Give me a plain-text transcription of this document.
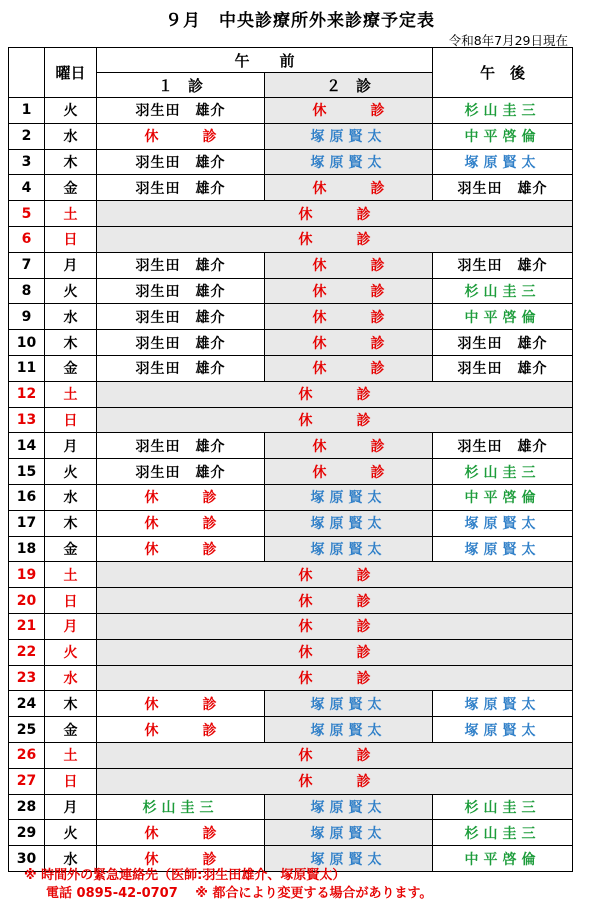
９月　中央診療所外来診療予定表
令和8年7月29日現在
	曜日	午　　前		午　後
		１　診	２　診	
1	火	羽生田　雄介	休 診	杉山圭三
2	水	休 診	塚原賢太	中平啓倫
3	木	羽生田　雄介	塚原賢太	塚原賢太
4	金	羽生田　雄介	休 診	羽生田　雄介
5	土	休 診		
6	日	休 診		
7	月	羽生田　雄介	休 診	羽生田　雄介
8	火	羽生田　雄介	休 診	杉山圭三
9	水	羽生田　雄介	休 診	中平啓倫
10	木	羽生田　雄介	休 診	羽生田　雄介
11	金	羽生田　雄介	休 診	羽生田　雄介
12	土	休 診		
13	日	休 診		
14	月	羽生田　雄介	休 診	羽生田　雄介
15	火	羽生田　雄介	休 診	杉山圭三
16	水	休 診	塚原賢太	中平啓倫
17	木	休 診	塚原賢太	塚原賢太
18	金	休 診	塚原賢太	塚原賢太
19	土	休 診		
20	日	休 診		
21	月	休 診		
22	火	休 診		
23	水	休 診		
24	木	休 診	塚原賢太	塚原賢太
25	金	休 診	塚原賢太	塚原賢太
26	土	休 診		
27	日	休 診		
28	月	杉山圭三	塚原賢太	杉山圭三
29	火	休 診	塚原賢太	杉山圭三
30	水	休 診	塚原賢太	中平啓倫
※ 時間外の緊急連絡先（医師:羽生田雄介、塚原賢太）
電話 0895-42-0707　 ※ 都合により変更する場合があります。
